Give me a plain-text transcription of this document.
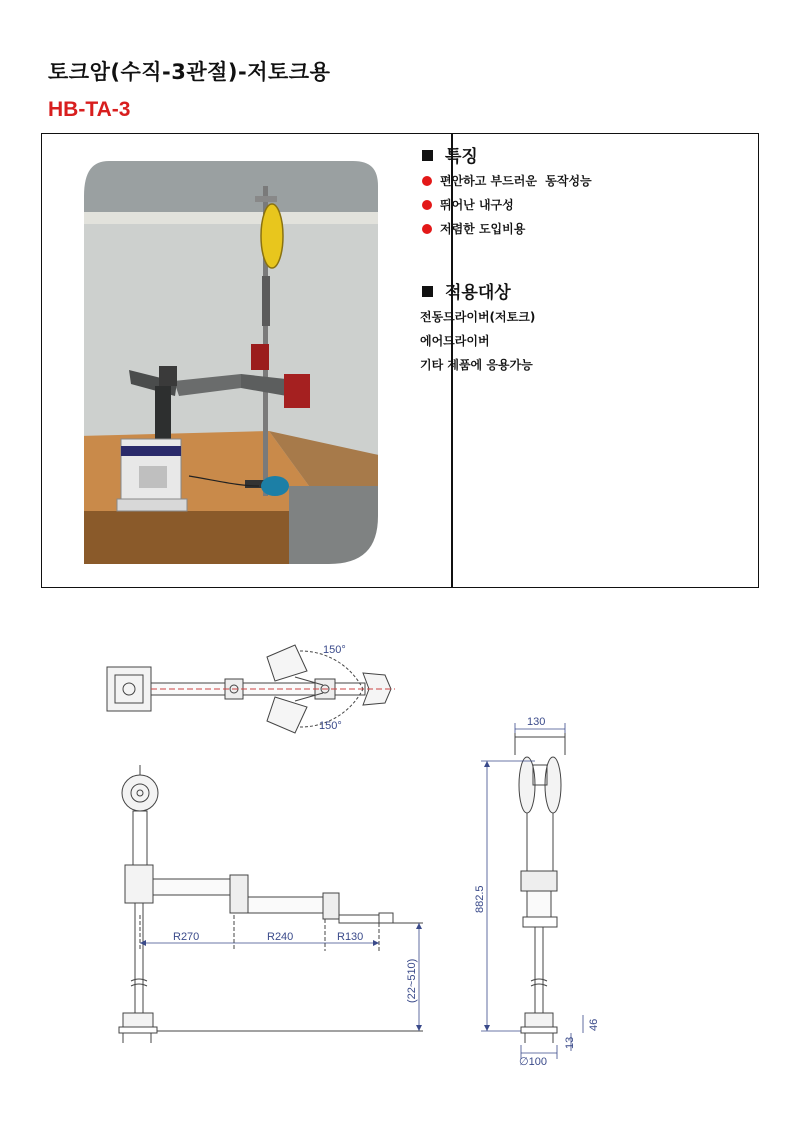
토크암(수직-3관절)-저토크용
HB-TA-3
특징
편안하고 부드러운  동작성능
뛰어난 내구성
저렴한 도입비용
적용대상
전동드라이버(저토크)
에어드라이버
기타 제품에 응용가능
150°
150°
R270	R240	R130
(22~510)
130
882.5
46
13
∅100
